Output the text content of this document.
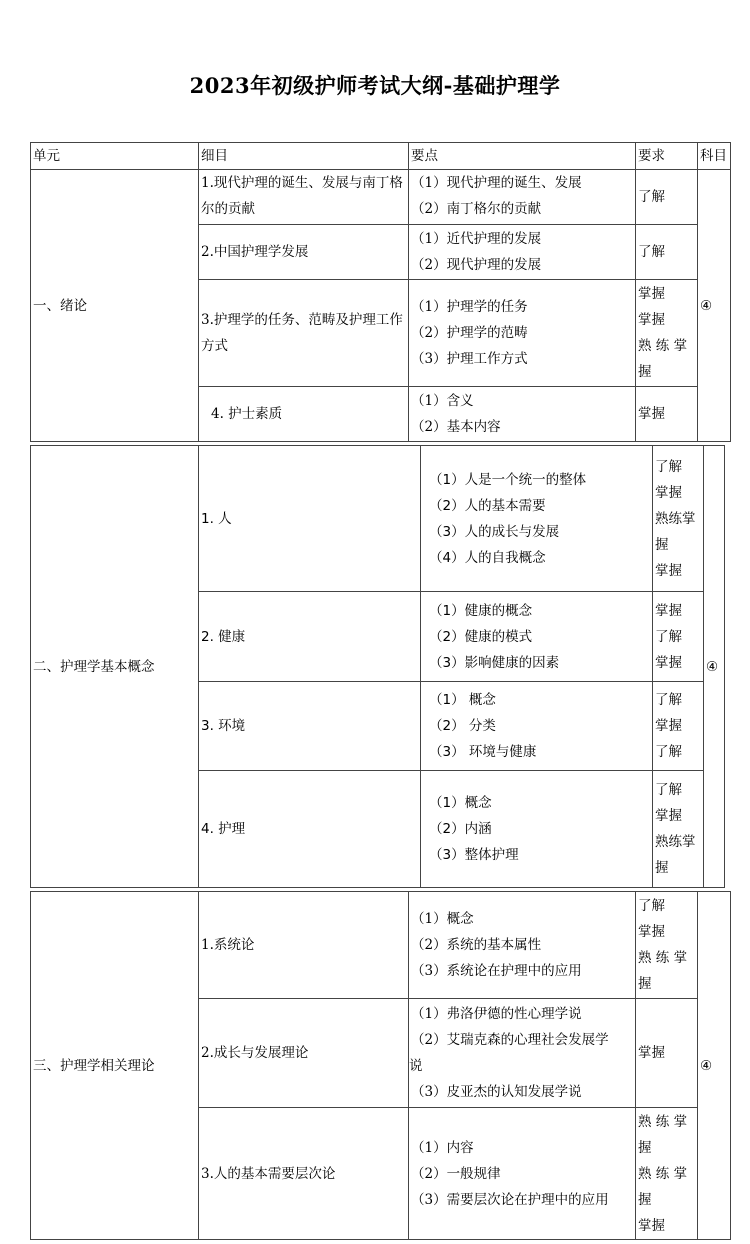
2023年初级护师考试大纲-基础护理学
单元	细目	要点	要求	科目
一、绪论	1.现代护理的诞生、发展与南丁格尔的贡献	（1）现代护理的诞生、发展
（2）南丁格尔的贡献	了解	④
	2.中国护理学发展	（1）近代护理的发展
（2）现代护理的发展	了解	

	3.护理学的任务、范畴及护理工作方式	（1）护理学的任务
（2）护理学的范畴
（3）护理工作方式	掌握
掌握
熟 练 掌
握	

	4. 护士素质	（1）含义
（2）基本内容	掌握	
二、护理学基本概念	1. 人	（1）人是一个统一的整体
（2）人的基本需要
（3）人的成长与发展
（4）人的自我概念	了解
掌握
熟练掌
握
掌握	④
	2. 健康	（1）健康的概念
（2）健康的模式
（3）影响健康的因素	掌握
了解
掌握	

	3. 环境	（1） 概念
（2） 分类
（3） 环境与健康	了解
掌握
了解	

	4. 护理	（1）概念
（2）内涵
（3）整体护理	了解
掌握
熟练掌
握	
三、护理学相关理论	1.系统论	（1）概念
（2）系统的基本属性
（3）系统论在护理中的应用	了解
掌握
熟 练 掌
握	④
	2.成长与发展理论	（1）弗洛伊德的性心理学说
（2）艾瑞克森的心理社会发展学
说
（3）皮亚杰的认知发展学说	掌握	

	3.人的基本需要层次论	（1）内容
（2）一般规律
（3）需要层次论在护理中的应用	熟 练 掌
握
熟 练 掌
握
掌握	
